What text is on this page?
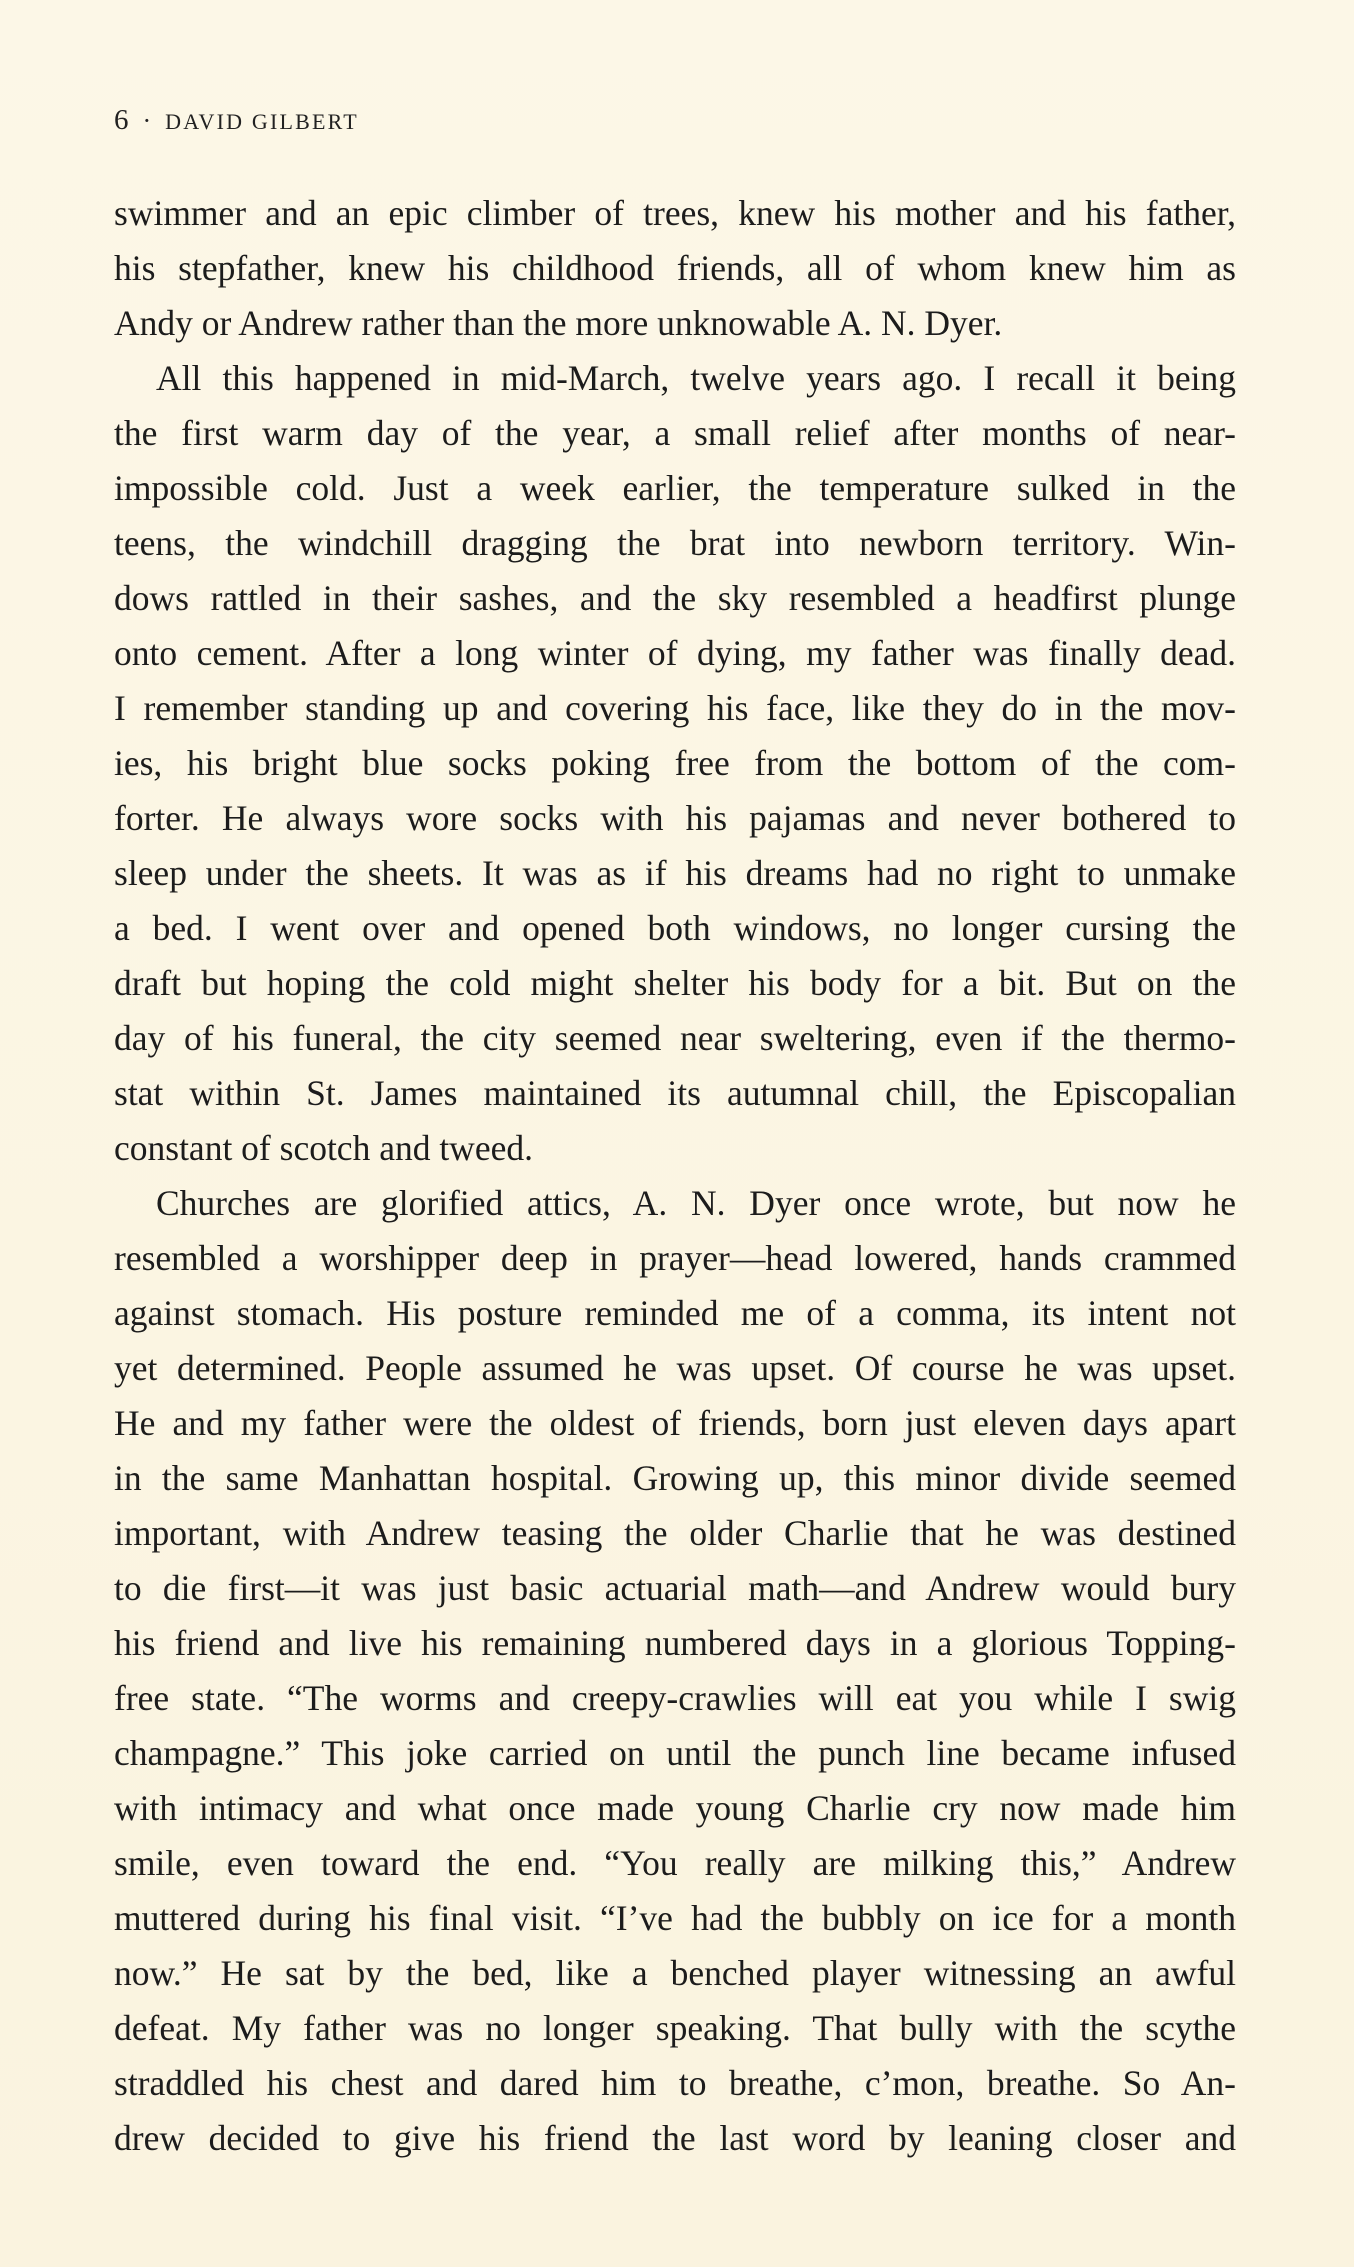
6 · DAVID GILBERT
swimmer and an epic climber of trees, knew his mother and his father,
his stepfather, knew his childhood friends, all of whom knew him as
Andy or Andrew rather than the more unknowable A. N. Dyer.
All this happened in mid-March, twelve years ago. I recall it being
the first warm day of the year, a small relief after months of near-
impossible cold. Just a week earlier, the temperature sulked in the
teens, the windchill dragging the brat into newborn territory. Win-
dows rattled in their sashes, and the sky resembled a headfirst plunge
onto cement. After a long winter of dying, my father was finally dead.
I remember standing up and covering his face, like they do in the mov-
ies, his bright blue socks poking free from the bottom of the com-
forter. He always wore socks with his pajamas and never bothered to
sleep under the sheets. It was as if his dreams had no right to unmake
a bed. I went over and opened both windows, no longer cursing the
draft but hoping the cold might shelter his body for a bit. But on the
day of his funeral, the city seemed near sweltering, even if the thermo-
stat within St. James maintained its autumnal chill, the Episcopalian
constant of scotch and tweed.
Churches are glorified attics, A. N. Dyer once wrote, but now he
resembled a worshipper deep in prayer—head lowered, hands crammed
against stomach. His posture reminded me of a comma, its intent not
yet determined. People assumed he was upset. Of course he was upset.
He and my father were the oldest of friends, born just eleven days apart
in the same Manhattan hospital. Growing up, this minor divide seemed
important, with Andrew teasing the older Charlie that he was destined
to die first—it was just basic actuarial math—and Andrew would bury
his friend and live his remaining numbered days in a glorious Topping-
free state. “The worms and creepy-crawlies will eat you while I swig
champagne.” This joke carried on until the punch line became infused
with intimacy and what once made young Charlie cry now made him
smile, even toward the end. “You really are milking this,” Andrew
muttered during his final visit. “I’ve had the bubbly on ice for a month
now.” He sat by the bed, like a benched player witnessing an awful
defeat. My father was no longer speaking. That bully with the scythe
straddled his chest and dared him to breathe, c’mon, breathe. So An-
drew decided to give his friend the last word by leaning closer and
